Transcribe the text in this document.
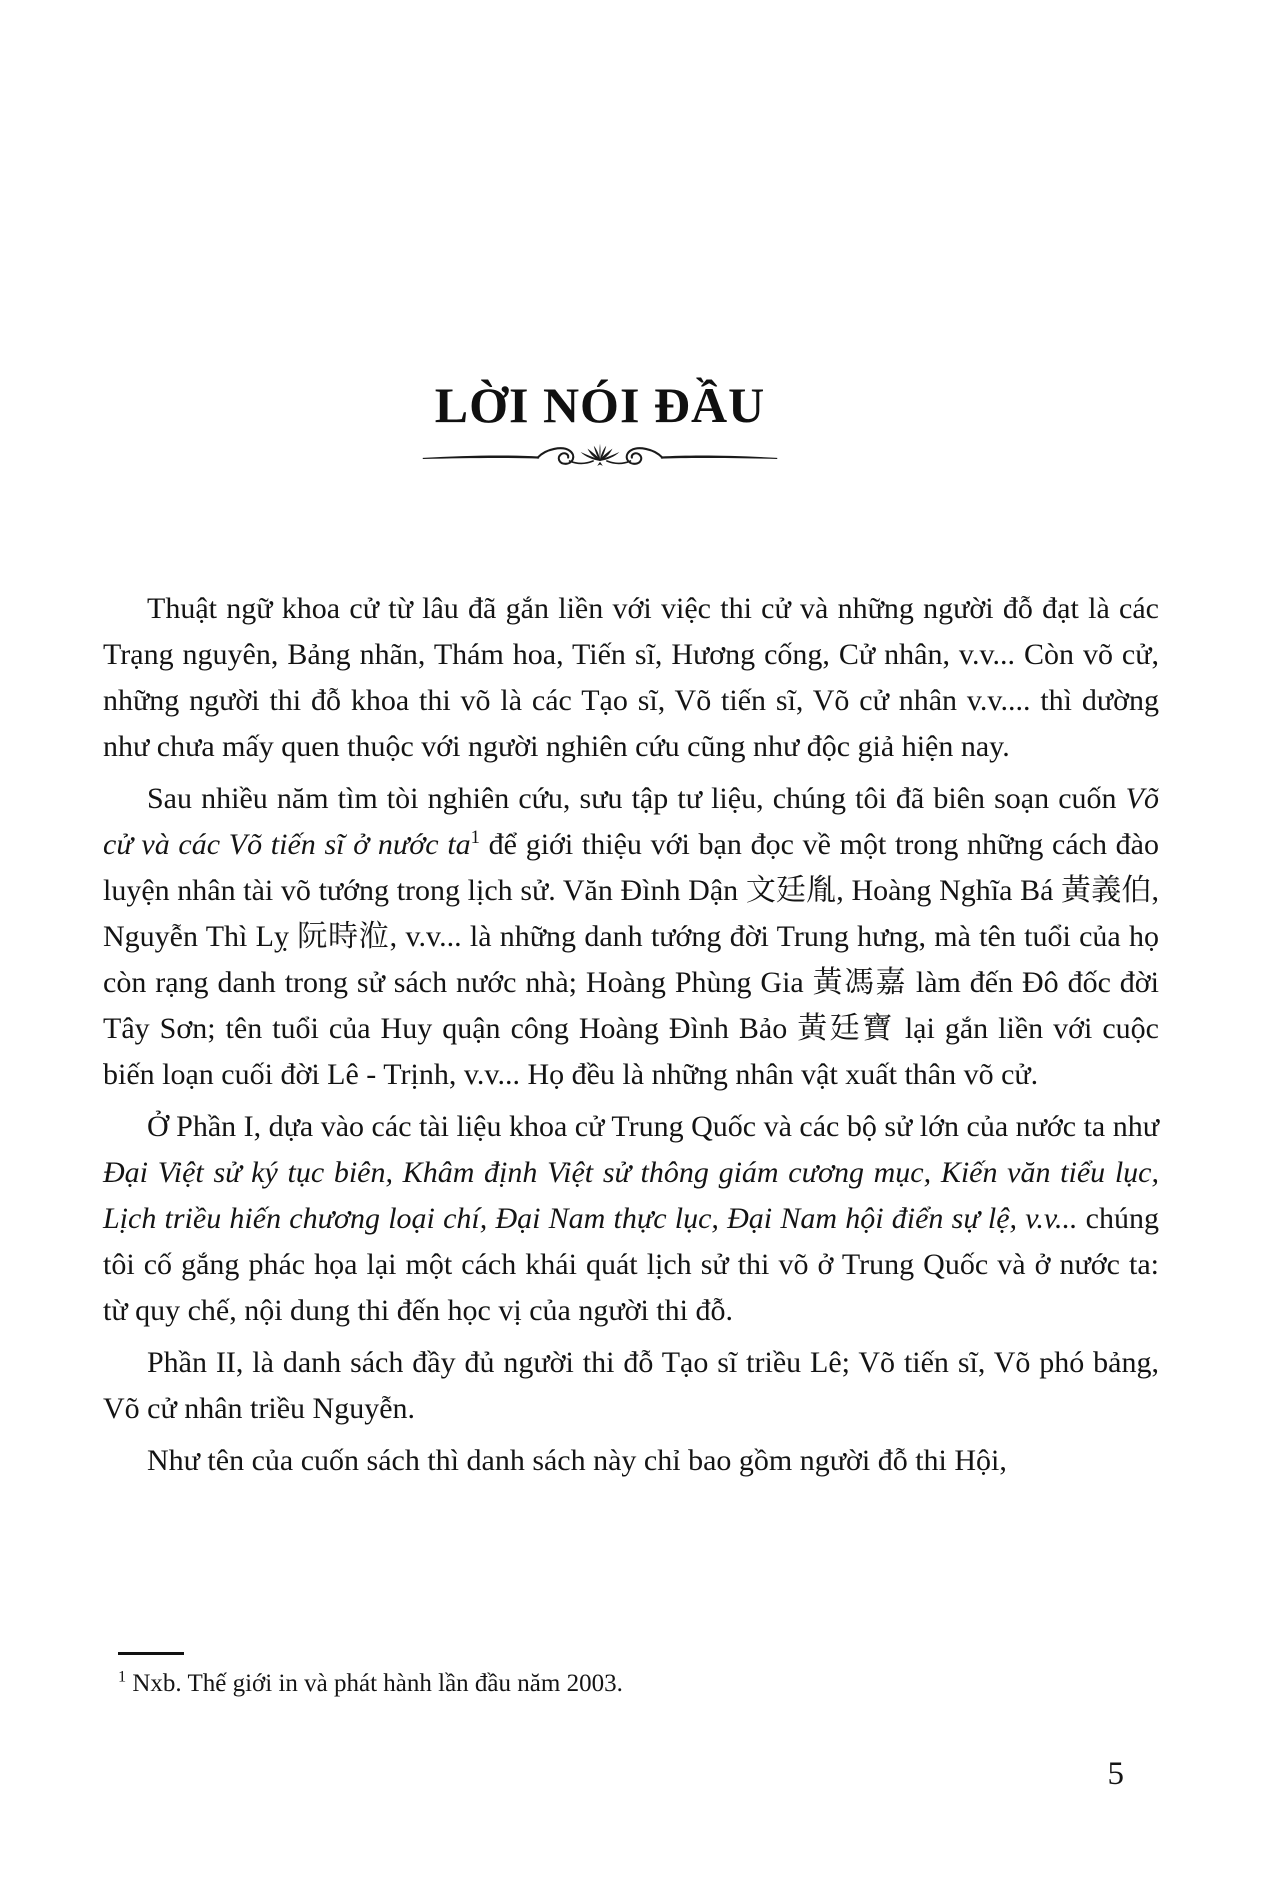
LỜI NÓI ĐẦU

Thuật ngữ khoa cử từ lâu đã gắn liền với việc thi cử và những người đỗ đạt là các Trạng nguyên, Bảng nhãn, Thám hoa, Tiến sĩ, Hương cống, Cử nhân, v.v... Còn võ cử, những người thi đỗ khoa thi võ là các Tạo sĩ, Võ tiến sĩ, Võ cử nhân v.v.... thì dường như chưa mấy quen thuộc với người nghiên cứu cũng như độc giả hiện nay.

Sau nhiều năm tìm tòi nghiên cứu, sưu tập tư liệu, chúng tôi đã biên soạn cuốn Võ cử và các Võ tiến sĩ ở nước $ta^1$ để giới thiệu với bạn đọc về một trong những cách đào luyện nhân tài võ tướng trong lịch sử. Văn Đình Dận 文廷胤, Hoàng Nghĩa Bá 黃義伯, Nguyễn Thì Lỵ 阮時涖, v.v... là những danh tướng đời Trung hưng, mà tên tuổi của họ còn rạng danh trong sử sách nước nhà; Hoàng Phùng Gia 黃馮嘉 làm đến Đô đốc đời Tây Sơn; tên tuổi của Huy quận công Hoàng Đình Bảo 黃廷寶 lại gắn liền với cuộc biến loạn cuối đời Lê - Trịnh, v.v... Họ đều là những nhân vật xuất thân võ cử.

Ở Phần I, dựa vào các tài liệu khoa cử Trung Quốc và các bộ sử lớn của nước ta như Đại Việt sử ký tục biên, Khâm định Việt sử thông giám cương mục, Kiến văn tiểu lục, Lịch triều hiến chương loại chí, Đại Nam thực lục, Đại Nam hội điển sự lệ, v.v... chúng tôi cố gắng phác họa lại một cách khái quát lịch sử thi võ ở Trung Quốc và ở nước ta: từ quy chế, nội dung thi đến học vị của người thi đỗ.

Phần II, là danh sách đầy đủ người thi đỗ Tạo sĩ triều Lê; Võ tiến sĩ, Võ phó bảng, Võ cử nhân triều Nguyễn.

Như tên của cuốn sách thì danh sách này chỉ bao gồm người đỗ thi Hội,

$^1$ Nxb. Thế giới in và phát hành lần đầu năm 2003.

5
